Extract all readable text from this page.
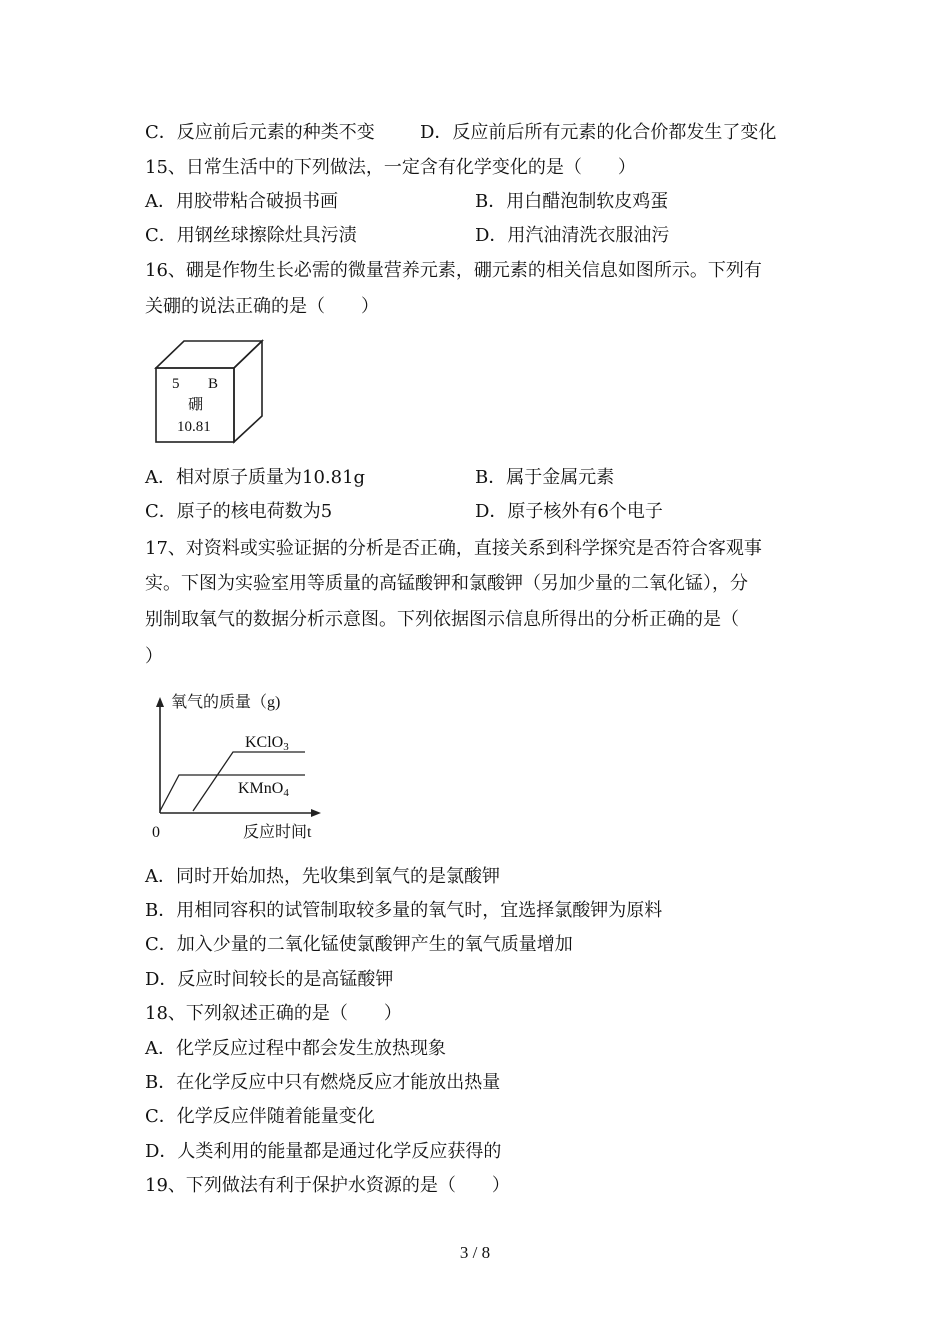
C．反应前后元素的种类不变	D．反应前后所有元素的化合价都发生了变化
15、日常生活中的下列做法，一定含有化学变化的是（　　）
A．用胶带粘合破损书画	B．用白醋泡制软皮鸡蛋
C．用钢丝球擦除灶具污渍	D．用汽油清洗衣服油污
16、硼是作物生长必需的微量营养元素，硼元素的相关信息如图所示。下列有
关硼的说法正确的是（　　）
5 B
硼
10.81
A．相对原子质量为10.81g	B．属于金属元素
C．原子的核电荷数为5	D．原子核外有6个电子
17、对资料或实验证据的分析是否正确，直接关系到科学探究是否符合客观事
实。下图为实验室用等质量的高锰酸钾和氯酸钾（另加少量的二氧化锰），分
别制取氧气的数据分析示意图。下列依据图示信息所得出的分析正确的是（
）
氧气的质量（g)
KClO3
KMnO4
0	反应时间t
A．同时开始加热，先收集到氧气的是氯酸钾
B．用相同容积的试管制取较多量的氧气时，宜选择氯酸钾为原料
C．加入少量的二氧化锰使氯酸钾产生的氧气质量增加
D．反应时间较长的是高锰酸钾
18、下列叙述正确的是（　　）
A．化学反应过程中都会发生放热现象
B．在化学反应中只有燃烧反应才能放出热量
C．化学反应伴随着能量变化
D．人类利用的能量都是通过化学反应获得的
19、下列做法有利于保护水资源的是（　　）
3 / 8
